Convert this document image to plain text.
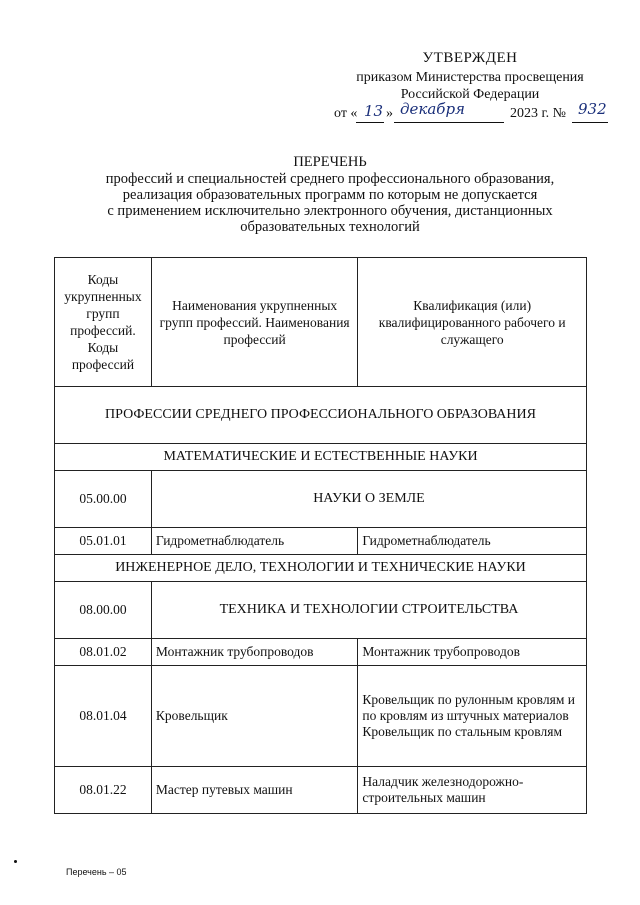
УТВЕРЖДЕН
приказом Министерства просвещения
Российской Федерации
от « 13 » декабря	2023 г. № 932
ПЕРЕЧЕНЬ
профессий и специальностей среднего профессионального образования,
реализация образовательных программ по которым не допускается
с применением исключительно электронного обучения, дистанционных
образовательных технологий
Коды укрупненных групп профессий. Коды профессий	Наименования укрупненных групп профессий. Наименования профессий	Квалификация (или) квалифицированного рабочего и служащего
ПРОФЕССИИ СРЕДНЕГО ПРОФЕССИОНАЛЬНОГО ОБРАЗОВАНИЯ		
МАТЕМАТИЧЕСКИЕ И ЕСТЕСТВЕННЫЕ НАУКИ		
05.00.00	НАУКИ О ЗЕМЛЕ	
05.01.01	Гидрометнаблюдатель	Гидрометнаблюдатель
ИНЖЕНЕРНОЕ ДЕЛО, ТЕХНОЛОГИИ И ТЕХНИЧЕСКИЕ НАУКИ		
08.00.00	ТЕХНИКА И ТЕХНОЛОГИИ СТРОИТЕЛЬСТВА	
08.01.02	Монтажник трубопроводов	Монтажник трубопроводов
08.01.04	Кровельщик	Кровельщик по рулонным кровлям и по кровлям из штучных материалов Кровельщик по стальным кровлям
08.01.22	Мастер путевых машин	Наладчик железнодорожно-строительных машин
Перечень – 05
